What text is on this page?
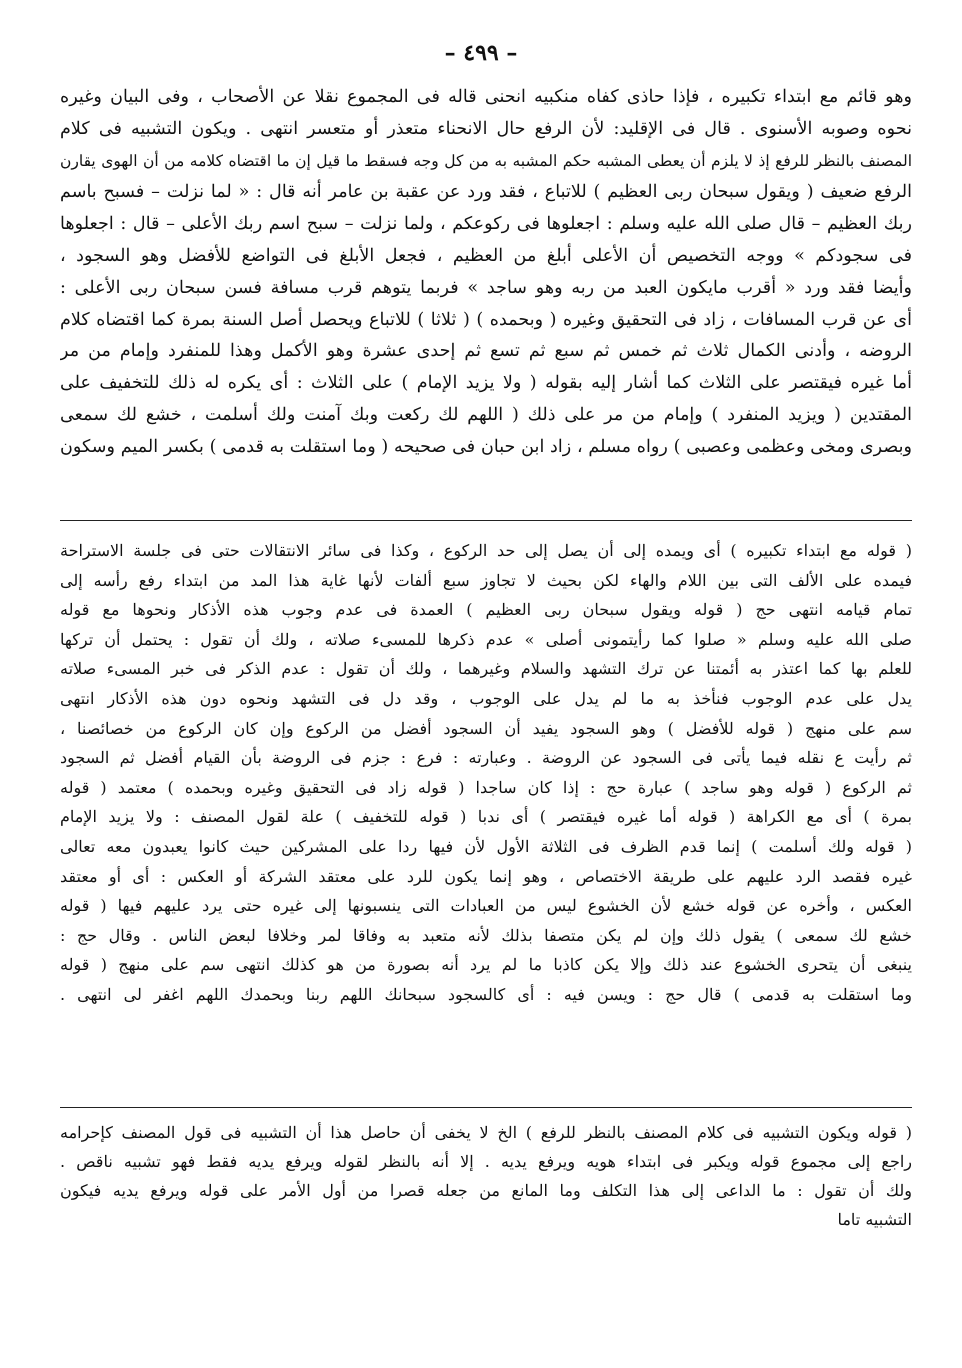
– ٤٩٩ –
وهو قائم مع ابتداء تكبيره ، فإذا حاذى كفاه منكبيه انحنى قاله فى المجموع نقلا عن الأصحاب ، وفى البيان وغيره
نحوه وصوبه الأسنوى . قال فى الإقليد: لأن الرفع حال الانحناء متعذر أو متعسر انتهى . ويكون التشبيه فى كلام
المصنف بالنظر للرفع إذ لا يلزم أن يعطى المشبه حكم المشبه به من كل وجه فسقط ما قيل إن ما اقتضاه كلامه من أن الهوى يقارن
الرفع ضعيف ( ويقول سبحان ربى العظيم ) للاتباع ، فقد ورد عن عقبة بن عامر أنه قال : « لما نزلت – فسبح باسم
ربك العظيم – قال صلى الله عليه وسلم : اجعلوها فى ركوعكم ، ولما نزلت – سبح اسم ربك الأعلى – قال : اجعلوها
فى سجودكم » ووجه التخصيص أن الأعلى أبلغ من العظيم ، فجعل الأبلغ فى التواضع للأفضل وهو السجود ،
وأيضا فقد ورد « أقرب مايكون العبد من ربه وهو ساجد » فربما يتوهم قرب مسافة فسن سبحان ربى الأعلى :
أى عن قرب المسافات ، زاد فى التحقيق وغيره ( وبحمده ) ( ثلاثا ) للاتباع ويحصل أصل السنة بمرة كما اقتضاه كلام
الروضه ، وأدنى الكمال ثلاث ثم خمس ثم سبع ثم تسع ثم إحدى عشرة وهو الأكمل وهذا للمنفرد وإمام من مر
أما غيره فيقتصر على الثلاث كما أشار إليه بقوله ( ولا يزيد الإمام ) على الثلاث : أى يكره له ذلك للتخفيف على
المقتدين ( ويزيد المنفرد ) وإمام من مر على ذلك ( اللهم لك ركعت وبك آمنت ولك أسلمت ، خشع لك سمعى
وبصرى ومخى وعظمى وعصبى ) رواه مسلم ، زاد ابن حبان فى صحيحه ( وما استقلت به قدمى ) بكسر الميم وسكون
( قوله مع ابتداء تكبيره ) أى ويمده إلى أن يصل إلى حد الركوع ، وكذا فى سائر الانتقالات حتى فى جلسة الاستراحة
فيمده على الألف التى بين اللام والهاء لكن بحيث لا تجاوز سبع ألفات لأنها غاية هذا المد من ابتداء رفع رأسه إلى
تمام قيامه انتهى حج ( قوله ويقول سبحان ربى العظيم ) العمدة فى عدم وجوب هذه الأذكار ونحوها مع قوله
صلى الله عليه وسلم « صلوا كما رأيتمونى أصلى » عدم ذكرها للمسىء صلاته ، ولك أن تقول : يحتمل أن تركها
للعلم بها كما اعتذر به أئمتنا عن ترك التشهد والسلام وغيرهما ، ولك أن تقول : عدم الذكر فى خبر المسىء صلاته
يدل على عدم الوجوب فنأخذ به ما لم يدل على الوجوب ، وقد دل فى التشهد ونحوه دون هذه الأذكار انتهى
سم على منهج ( قوله للأفضل ) وهو السجود يفيد أن السجود أفضل من الركوع وإن كان الركوع من خصائصنا ،
ثم رأيت ع نقله فيما يأتى فى السجود عن الروضة . وعبارته : فرع : جزم فى الروضة بأن القيام أفضل ثم السجود
ثم الركوع ( قوله وهو ساجد ) عبارة حج : إذا كان ساجدا ( قوله زاد فى التحقيق وغيره وبحمده ) معتمد ( قوله
بمرة ) أى مع الكراهة ( قوله أما غيره فيقتصر ) أى ندبا ( قوله للتخفيف ) علة لقول المصنف : ولا يزيد الإمام
( قوله ولك أسلمت ) إنما قدم الظرف فى الثلاثة الأول لأن فيها ردا على المشركين حيث كانوا يعبدون معه تعالى
غيره فقصد الرد عليهم على طريقة الاختصاص ، وهو إنما يكون للرد على معتقد الشركة أو العكس : أى أو معتقد
العكس ، وأخره عن قوله خشع لأن الخشوع ليس من العبادات التى ينسبونها إلى غيره حتى يرد عليهم فيها ( قوله
خشع لك سمعى ) يقول ذلك وإن لم يكن متصفا بذلك لأنه متعبد به وفاقا لمر وخلافا لبعض الناس . وقال حج :
ينبغى أن يتحرى الخشوع عند ذلك وإلا يكن كاذبا ما لم يرد أنه بصورة من هو كذلك انتهى سم على منهج ( قوله
وما استقلت به قدمى ) قال حج : ويسن فيه : أى كالسجود سبحانك اللهم ربنا وبحمدك اللهم اغفر لى انتهى .
( قوله ويكون التشبيه فى كلام المصنف بالنظر للرفع ) الخ لا يخفى أن حاصل هذا أن التشبيه فى قول المصنف كإحرامه
راجع إلى مجموع قوله ويكبر فى ابتداء هويه ويرفع يديه . إلا أنه بالنظر لقوله ويرفع يديه فقط فهو تشبيه ناقص .
ولك أن تقول : ما الداعى إلى هذا التكلف وما المانع من جعله قصرا من أول الأمر على قوله ويرفع يديه فيكون
التشبيه تاما
